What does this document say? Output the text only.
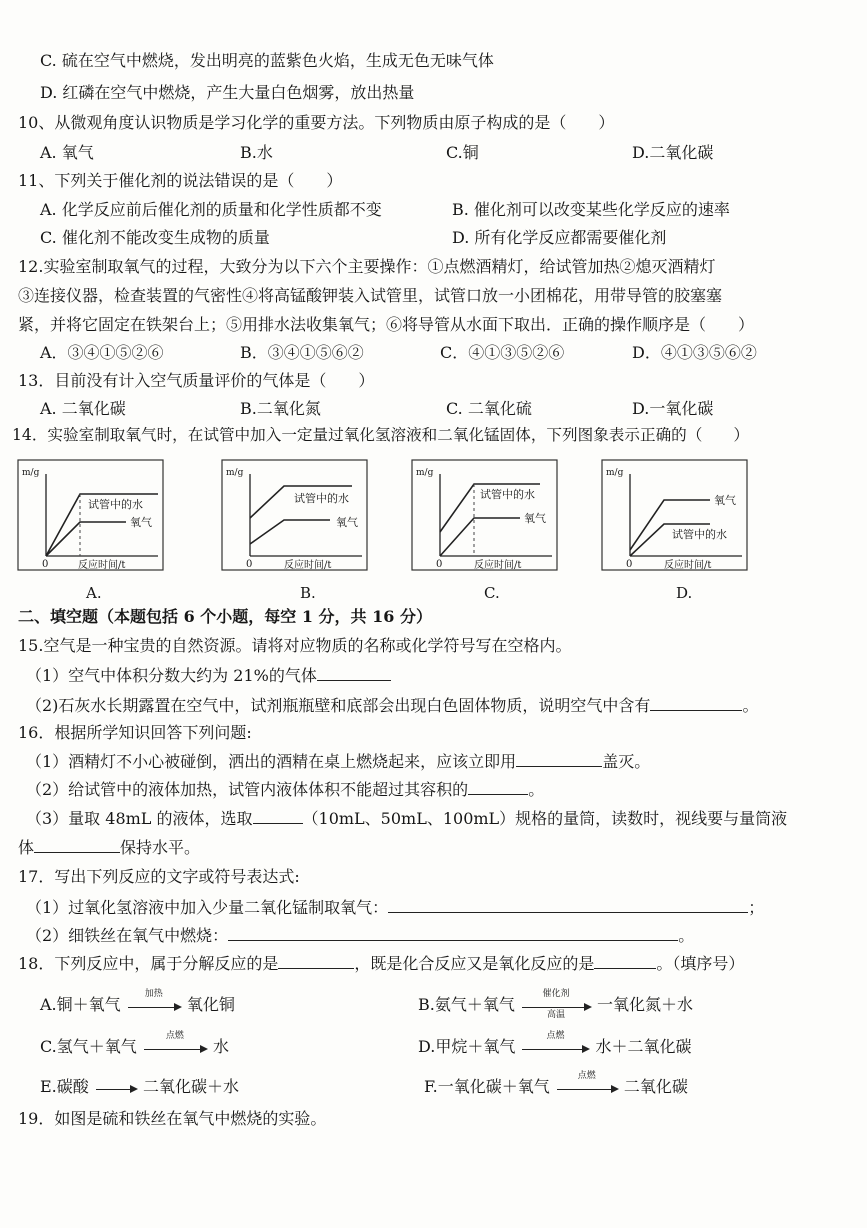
C. 硫在空气中燃烧，发出明亮的蓝紫色火焰，生成无色无味气体
D. 红磷在空气中燃烧，产生大量白色烟雾，放出热量
10、从微观角度认识物质是学习化学的重要方法。下列物质由原子构成的是（　　）
A. 氧气	B.水	C.铜	D.二氧化碳
11、下列关于催化剂的说法错误的是（　　）
A. 化学反应前后催化剂的质量和化学性质都不变	B. 催化剂可以改变某些化学反应的速率
C. 催化剂不能改变生成物的质量	D. 所有化学反应都需要催化剂
12.实验室制取氧气的过程，大致分为以下六个主要操作：①点燃酒精灯，给试管加热②熄灭酒精灯
③连接仪器，检查装置的气密性④将高锰酸钾装入试管里，试管口放一小团棉花，用带导管的胶塞塞
紧，并将它固定在铁架台上；⑤用排水法收集氧气；⑥将导管从水面下取出．正确的操作顺序是（　　）
A．③④①⑤②⑥	B．③④①⑤⑥②	C．④①③⑤②⑥	D．④①③⑤⑥②
13．目前没有计入空气质量评价的气体是（　　）
A. 二氧化碳	B.二氧化氮	C. 二氧化硫	D.一氧化碳
14．实验室制取氧气时，在试管中加入一定量过氧化氢溶液和二氧化锰固体，下列图象表示正确的（　　）
m/g
试管中的水
氧气
0	反应时间/t
A.
m/g
试管中的水
氧气
0	反应时间/t
B.
m/g
试管中的水
氧气
0	反应时间/t
C.
m/g
氧气
试管中的水
0	反应时间/t
D.
二、填空题（本题包括 6 个小题，每空 1 分，共 16 分）
15.空气是一种宝贵的自然资源。请将对应物质的名称或化学符号写在空格内。
（1）空气中体积分数大约为 21%的气体
（2)石灰水长期露置在空气中，试剂瓶瓶壁和底部会出现白色固体物质，说明空气中含有	。
16．根据所学知识回答下列问题:
（1）酒精灯不小心被碰倒，洒出的酒精在桌上燃烧起来，应该立即用	盖灭。
（2）给试管中的液体加热，试管内液体体积不能超过其容积的	。
（3）量取 48mL 的液体，选取	（10mL、50mL、100mL）规格的量筒，读数时，视线要与量筒液
体	保持水平。
17．写出下列反应的文字或符号表达式:
（1）过氧化氢溶液中加入少量二氧化锰制取氧气：	；
（2）细铁丝在氧气中燃烧：	。
18．下列反应中，属于分解反应的是	，既是化合反应又是氧化反应的是	。（填序号）
A.铜＋氧气
加热
氧化铜	B.氨气＋氧气
催化剂
高温
一氧化氮＋水
C.氢气＋氧气
点燃
水	D.甲烷＋氧气
点燃
水＋二氧化碳
E.碳酸	二氧化碳＋水	F.一氧化碳＋氧气
点燃
二氧化碳
19．如图是硫和铁丝在氧气中燃烧的实验。
